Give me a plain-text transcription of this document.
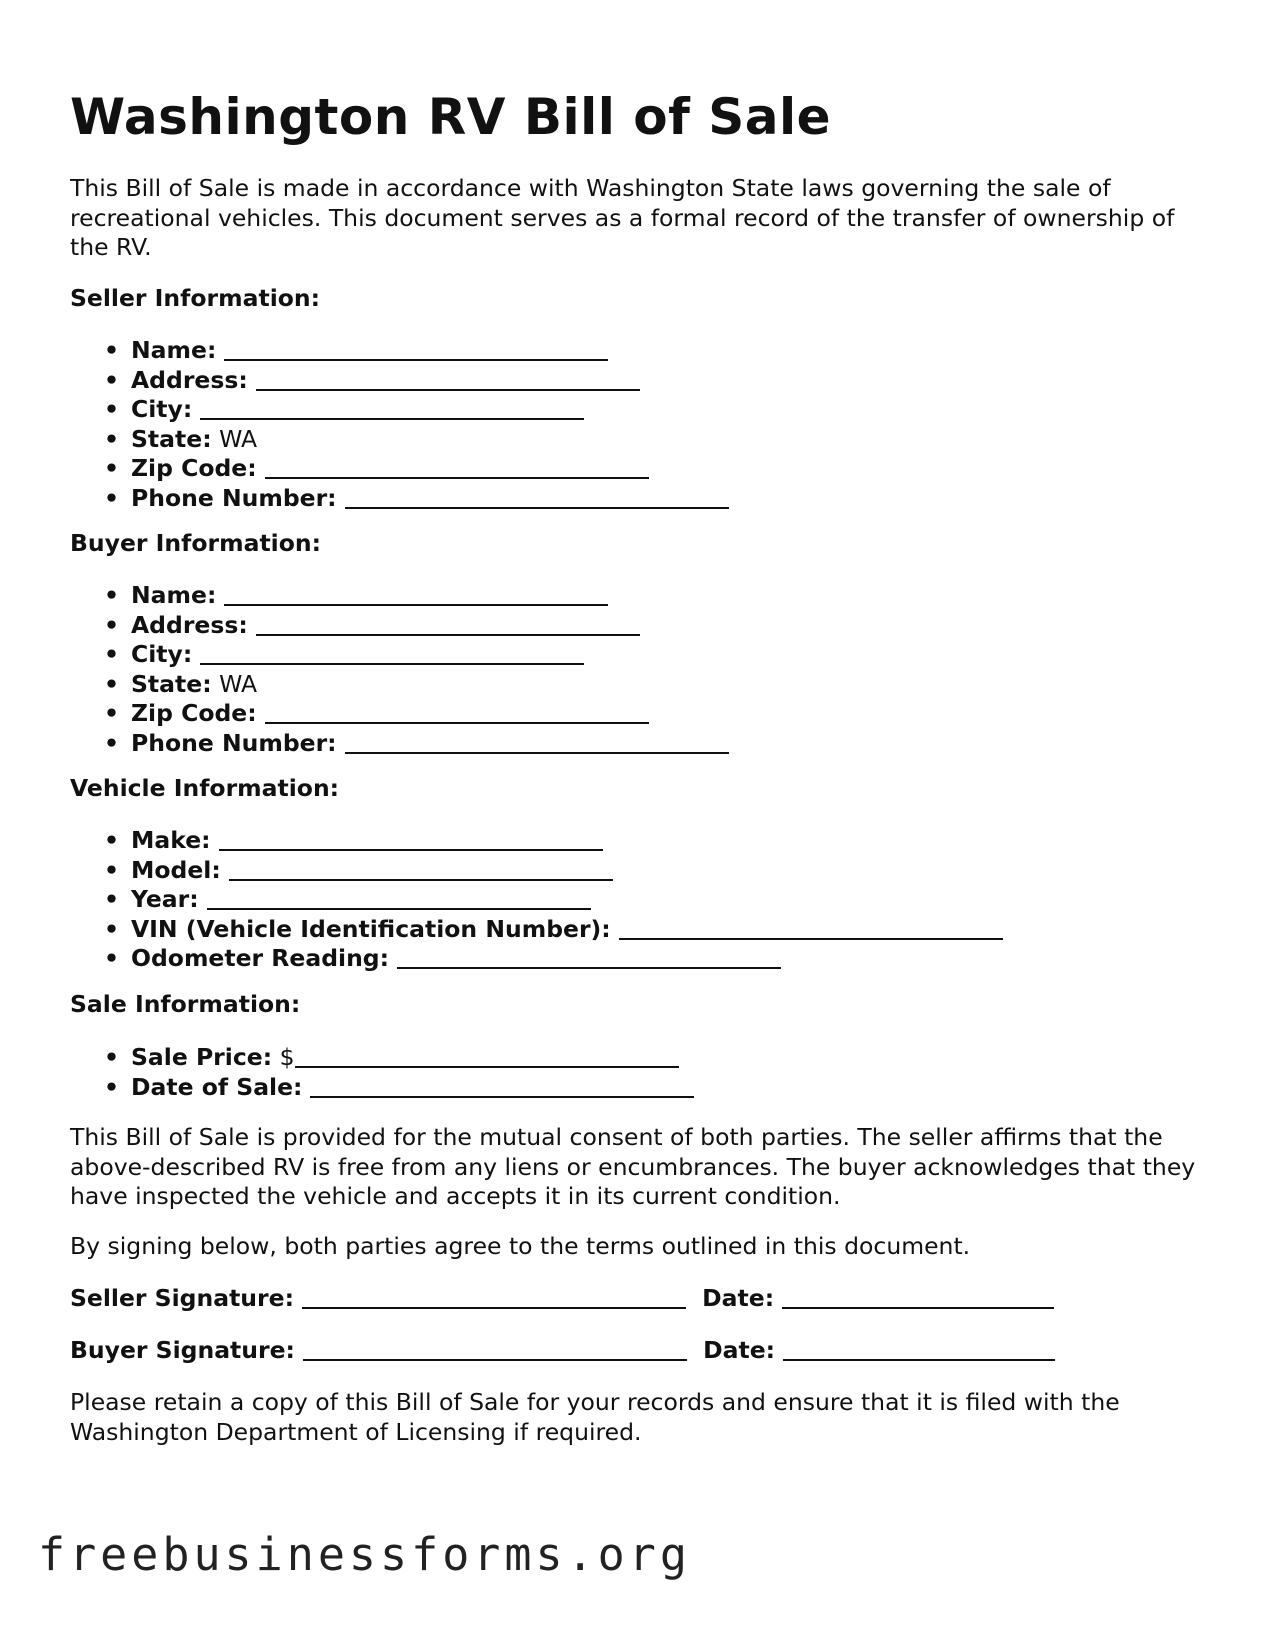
Washington RV Bill of Sale

This Bill of Sale is made in accordance with Washington State laws governing the sale of recreational vehicles. This document serves as a formal record of the transfer of ownership of the RV.

Seller Information:

• Name:
• Address:
• City:
• State: WA
• Zip Code:
• Phone Number:

Buyer Information:

• Name:
• Address:
• City:
• State: WA
• Zip Code:
• Phone Number:

Vehicle Information:

• Make:
• Model:
• Year:
• VIN (Vehicle Identification Number):
• Odometer Reading:

Sale Information:

• Sale Price: $
• Date of Sale:

This Bill of Sale is provided for the mutual consent of both parties. The seller affirms that the above-described RV is free from any liens or encumbrances. The buyer acknowledges that they have inspected the vehicle and accepts it in its current condition.

By signing below, both parties agree to the terms outlined in this document.

Seller Signature:	Date:

Buyer Signature:	Date:

Please retain a copy of this Bill of Sale for your records and ensure that it is filed with the Washington Department of Licensing if required.

freebusinessforms.org
